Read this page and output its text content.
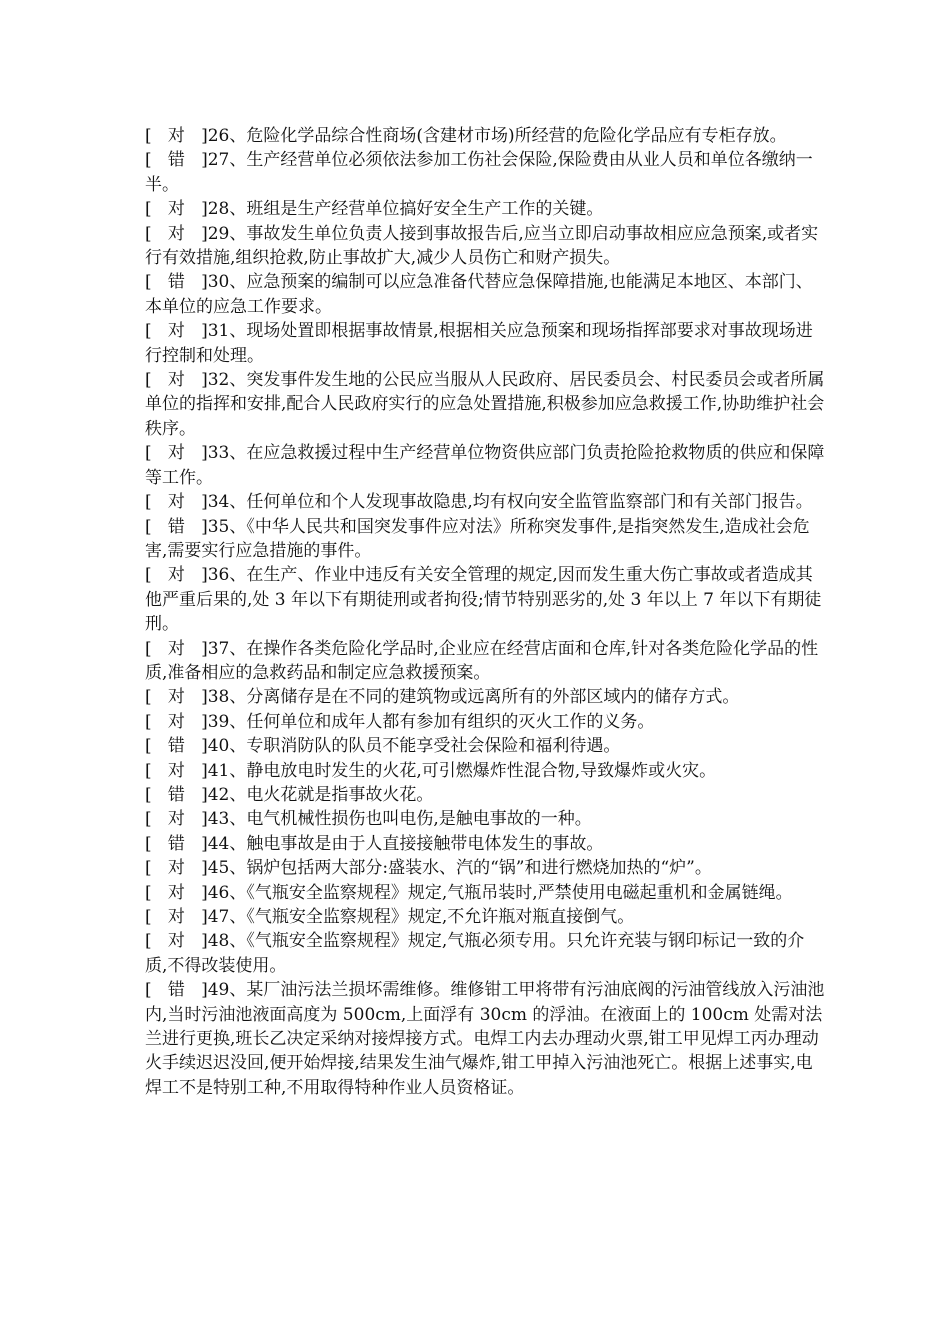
[ 对 ]26、危险化学品综合性商场(含建材市场)所经营的危险化学品应有专柜存放。

[ 错 ]27、生产经营单位必须依法参加工伤社会保险,保险费由从业人员和单位各缴纳一半。

[ 对 ]28、班组是生产经营单位搞好安全生产工作的关键。

[ 对 ]29、事故发生单位负责人接到事故报告后,应当立即启动事故相应应急预案,或者实行有效措施,组织抢救,防止事故扩大,减少人员伤亡和财产损失。

[ 错 ]30、应急预案的编制可以应急准备代替应急保障措施,也能满足本地区、本部门、本单位的应急工作要求。

[ 对 ]31、现场处置即根据事故情景,根据相关应急预案和现场指挥部要求对事故现场进行控制和处理。

[ 对 ]32、突发事件发生地的公民应当服从人民政府、居民委员会、村民委员会或者所属单位的指挥和安排,配合人民政府实行的应急处置措施,积极参加应急救援工作,协助维护社会秩序。

[ 对 ]33、在应急救援过程中生产经营单位物资供应部门负责抢险抢救物质的供应和保障等工作。

[ 对 ]34、任何单位和个人发现事故隐患,均有权向安全监管监察部门和有关部门报告。

[ 错 ]35、《中华人民共和国突发事件应对法》所称突发事件,是指突然发生,造成社会危害,需要实行应急措施的事件。

[ 对 ]36、在生产、作业中违反有关安全管理的规定,因而发生重大伤亡事故或者造成其他严重后果的,处 3 年以下有期徒刑或者拘役;情节特别恶劣的,处 3 年以上 7 年以下有期徒刑。

[ 对 ]37、在操作各类危险化学品时,企业应在经营店面和仓库,针对各类危险化学品的性质,准备相应的急救药品和制定应急救援预案。

[ 对 ]38、分离储存是在不同的建筑物或远离所有的外部区域内的储存方式。

[ 对 ]39、任何单位和成年人都有参加有组织的灭火工作的义务。

[ 错 ]40、专职消防队的队员不能享受社会保险和福利待遇。

[ 对 ]41、静电放电时发生的火花,可引燃爆炸性混合物,导致爆炸或火灾。

[ 错 ]42、电火花就是指事故火花。

[ 对 ]43、电气机械性损伤也叫电伤,是触电事故的一种。

[ 错 ]44、触电事故是由于人直接接触带电体发生的事故。

[ 对 ]45、锅炉包括两大部分:盛装水、汽的“锅”和进行燃烧加热的“炉”。

[ 对 ]46、《气瓶安全监察规程》规定,气瓶吊装时,严禁使用电磁起重机和金属链绳。

[ 对 ]47、《气瓶安全监察规程》规定,不允许瓶对瓶直接倒气。

[ 对 ]48、《气瓶安全监察规程》规定,气瓶必须专用。只允许充装与钢印标记一致的介质,不得改装使用。

[ 错 ]49、某厂油污法兰损坏需维修。维修钳工甲将带有污油底阀的污油管线放入污油池内,当时污油池液面高度为 500cm,上面浮有 30cm 的浮油。在液面上的 100cm 处需对法兰进行更换,班长乙决定采纳对接焊接方式。电焊工内去办理动火票,钳工甲见焊工丙办理动火手续迟迟没回,便开始焊接,结果发生油气爆炸,钳工甲掉入污油池死亡。根据上述事实,电焊工不是特别工种,不用取得特种作业人员资格证。
